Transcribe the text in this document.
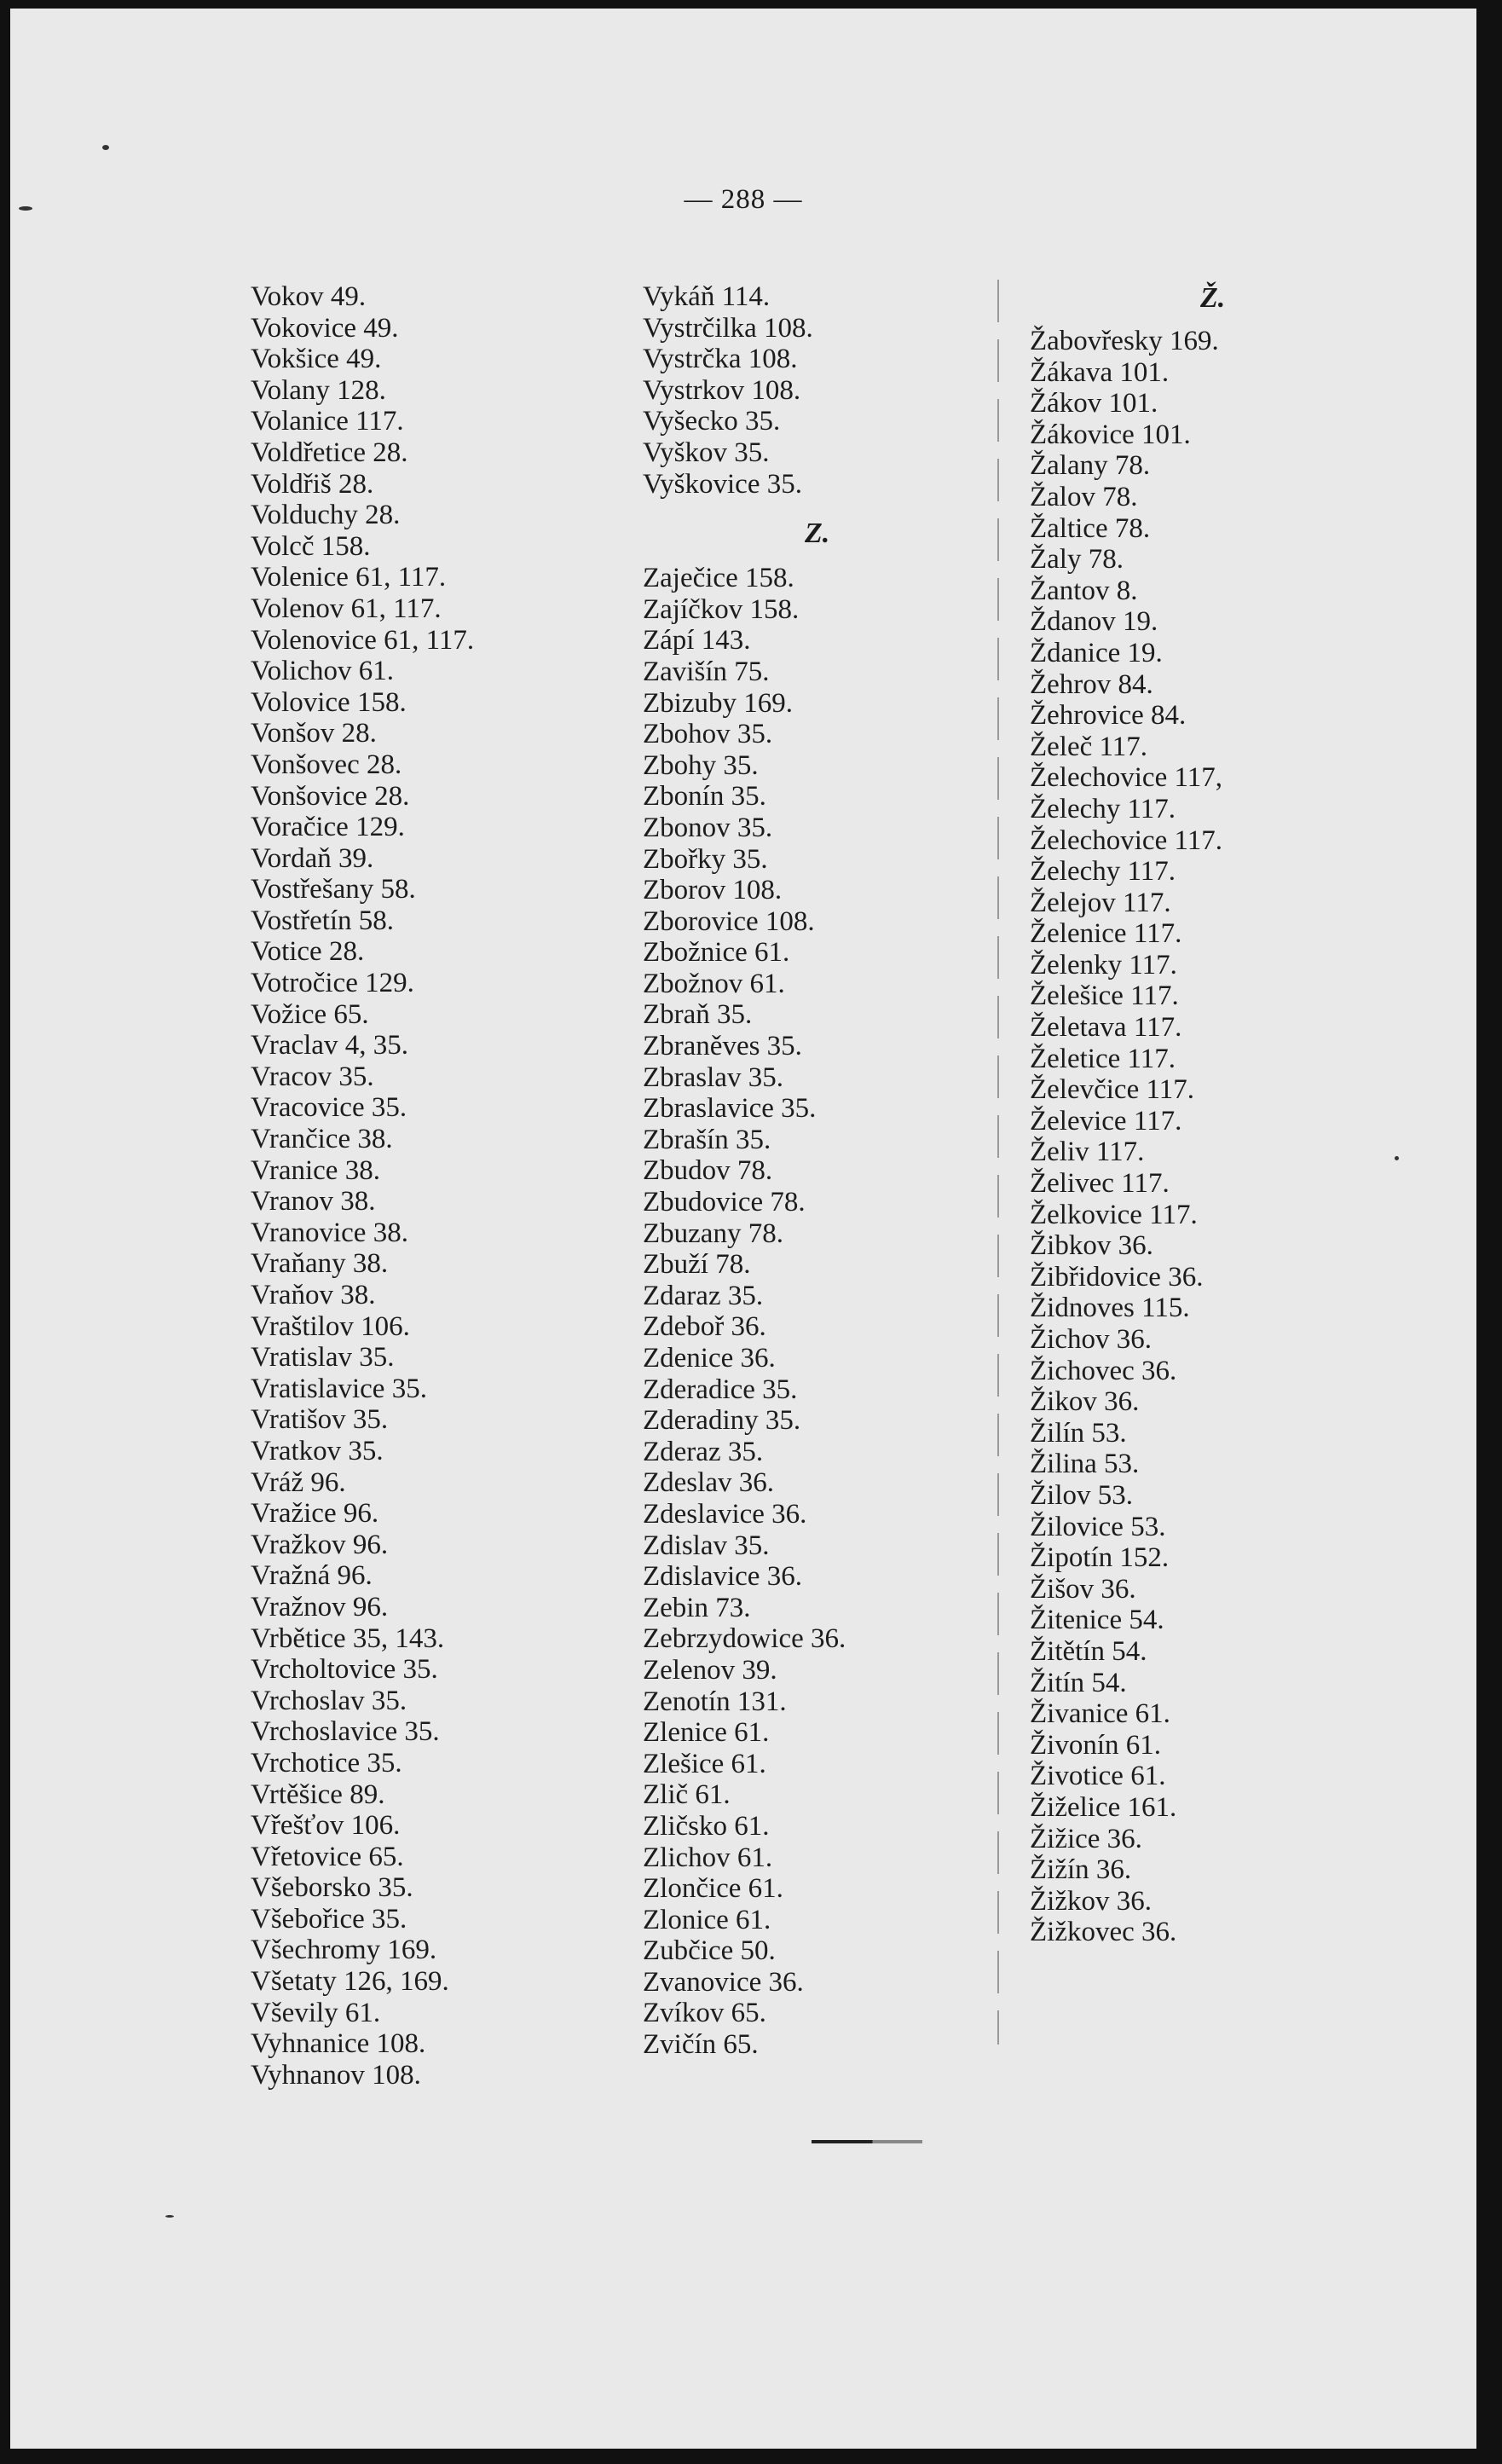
— 288 —
Vokov 49.
Vokovice 49.
Vokšice 49.
Volany 128.
Volanice 117.
Voldřetice 28.
Voldřiš 28.
Volduchy 28.
Volcč 158.
Volenice 61, 117.
Volenov 61, 117.
Volenovice 61, 117.
Volichov 61.
Volovice 158.
Vonšov 28.
Vonšovec 28.
Vonšovice 28.
Voračice 129.
Vordaň 39.
Vostřešany 58.
Vostřetín 58.
Votice 28.
Votročice 129.
Vožice 65.
Vraclav 4, 35.
Vracov 35.
Vracovice 35.
Vrančice 38.
Vranice 38.
Vranov 38.
Vranovice 38.
Vraňany 38.
Vraňov 38.
Vraštilov 106.
Vratislav 35.
Vratislavice 35.
Vratišov 35.
Vratkov 35.
Vráž 96.
Vražice 96.
Vražkov 96.
Vražná 96.
Vražnov 96.
Vrbětice 35, 143.
Vrcholtovice 35.
Vrchoslav 35.
Vrchoslavice 35.
Vrchotice 35.
Vrtěšice 89.
Vřešťov 106.
Vřetovice 65.
Všeborsko 35.
Všebořice 35.
Všechromy 169.
Všetaty 126, 169.
Vševily 61.
Vyhnanice 108.
Vyhnanov 108.
Vykáň 114.
Vystrčilka 108.
Vystrčka 108.
Vystrkov 108.
Vyšecko 35.
Vyškov 35.
Vyškovice 35.
Z.
Zaječice 158.
Zajíčkov 158.
Zápí 143.
Zavišín 75.
Zbizuby 169.
Zbohov 35.
Zbohy 35.
Zbonín 35.
Zbonov 35.
Zbořky 35.
Zborov 108.
Zborovice 108.
Zbožnice 61.
Zbožnov 61.
Zbraň 35.
Zbraněves 35.
Zbraslav 35.
Zbraslavice 35.
Zbrašín 35.
Zbudov 78.
Zbudovice 78.
Zbuzany 78.
Zbuží 78.
Zdaraz 35.
Zdeboř 36.
Zdenice 36.
Zderadice 35.
Zderadiny 35.
Zderaz 35.
Zdeslav 36.
Zdeslavice 36.
Zdislav 35.
Zdislavice 36.
Zebin 73.
Zebrzydowice 36.
Zelenov 39.
Zenotín 131.
Zlenice 61.
Zlešice 61.
Zlič 61.
Zličsko 61.
Zlichov 61.
Zlončice 61.
Zlonice 61.
Zubčice 50.
Zvanovice 36.
Zvíkov 65.
Zvičín 65.
Ž.
Žabovřesky 169.
Žákava 101.
Žákov 101.
Žákovice 101.
Žalany 78.
Žalov 78.
Žaltice 78.
Žaly 78.
Žantov 8.
Ždanov 19.
Ždanice 19.
Žehrov 84.
Žehrovice 84.
Želeč 117.
Želechovice 117,
Želechy 117.
Želechovice 117.
Želechy 117.
Želejov 117.
Želenice 117.
Želenky 117.
Želešice 117.
Želetava 117.
Želetice 117.
Želevčice 117.
Želevice 117.
Želiv 117.
Želivec 117.
Želkovice 117.
Žibkov 36.
Žibřidovice 36.
Židnoves 115.
Žichov 36.
Žichovec 36.
Žikov 36.
Žilín 53.
Žilina 53.
Žilov 53.
Žilovice 53.
Žipotín 152.
Žišov 36.
Žitenice 54.
Žitětín 54.
Žitín 54.
Živanice 61.
Živonín 61.
Životice 61.
Žiželice 161.
Žižice 36.
Žižín 36.
Žižkov 36.
Žižkovec 36.
